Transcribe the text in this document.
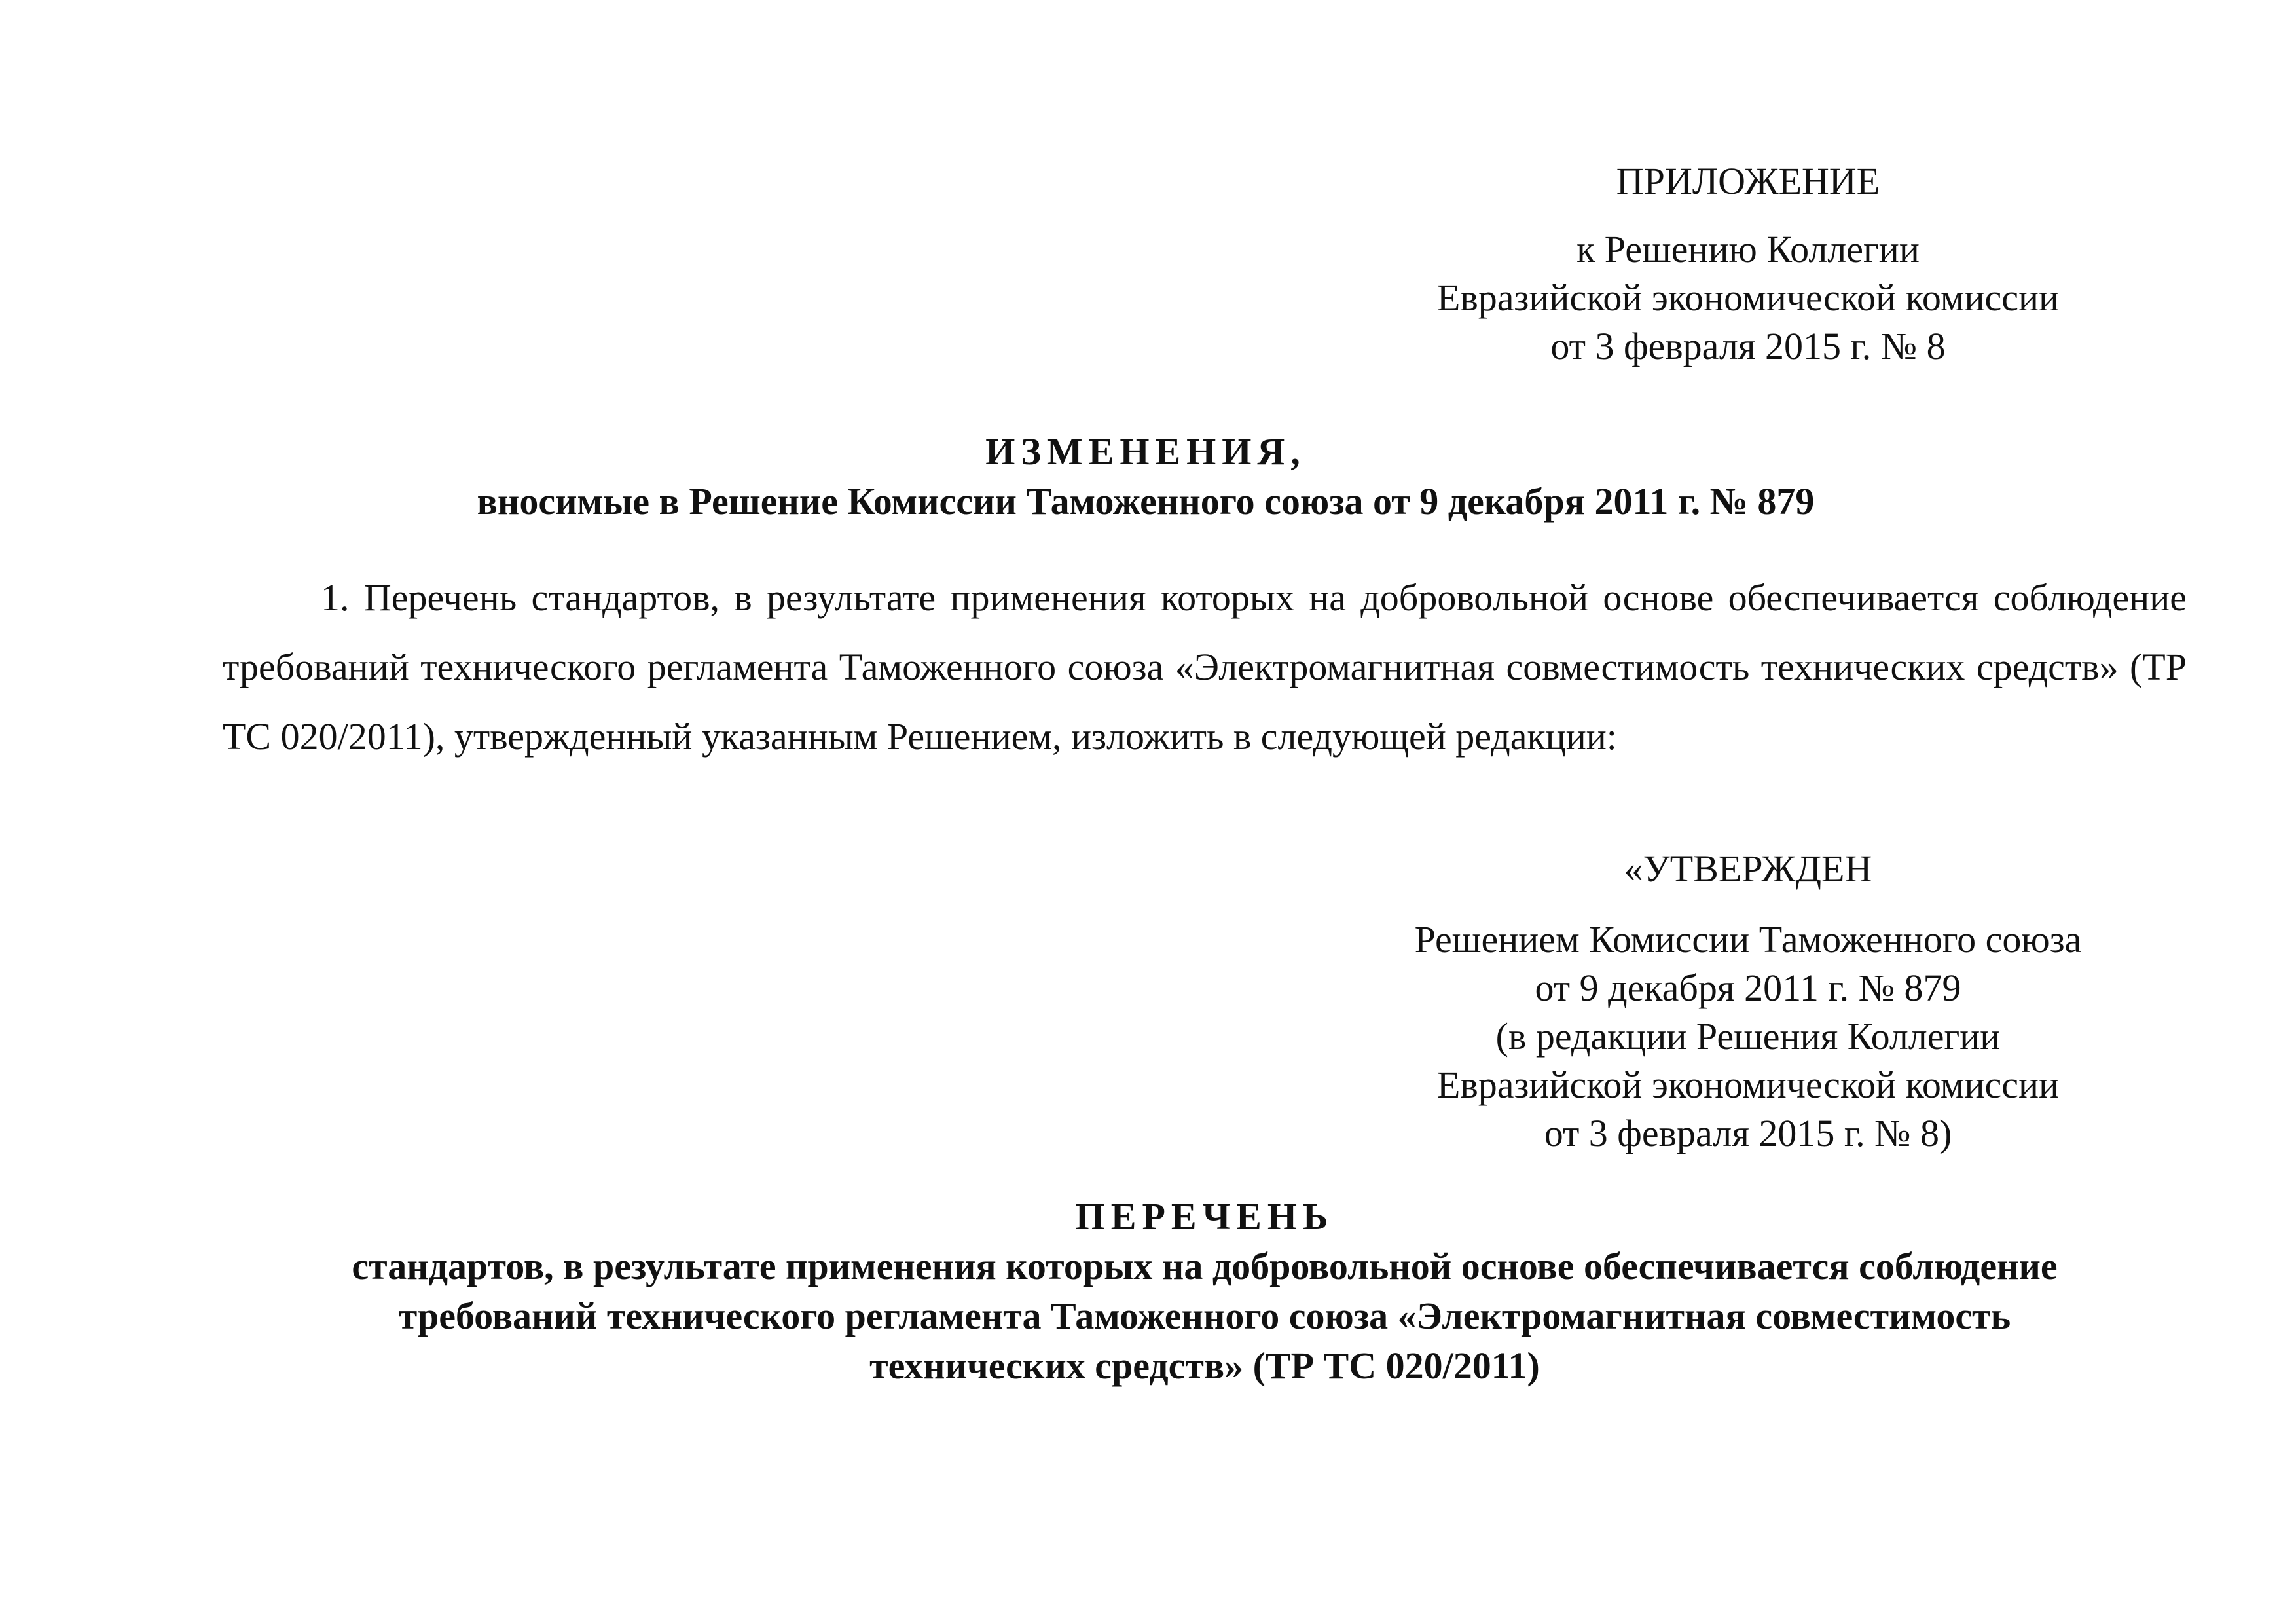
ПРИЛОЖЕНИЕ
к Решению Коллегии
Евразийской экономической комиссии
от 3 февраля 2015 г. № 8
ИЗМЕНЕНИЯ,
вносимые в Решение Комиссии Таможенного союза от 9 декабря 2011 г. № 879

1. Перечень стандартов, в результате применения которых на добровольной основе обеспечивается соблюдение требований технического регламента Таможенного союза «Электромагнитная совместимость технических средств» (ТР ТС 020/2011), утвержденный указанным Решением, изложить в следующей редакции:

«УТВЕРЖДЕН
Решением Комиссии Таможенного союза
от 9 декабря 2011 г. № 879
(в редакции Решения Коллегии
Евразийской экономической комиссии
от 3 февраля 2015 г. № 8)
ПЕРЕЧЕНЬ
стандартов, в результате применения которых на добровольной основе обеспечивается соблюдение
требований технического регламента Таможенного союза «Электромагнитная совместимость
технических средств» (ТР ТС 020/2011)
